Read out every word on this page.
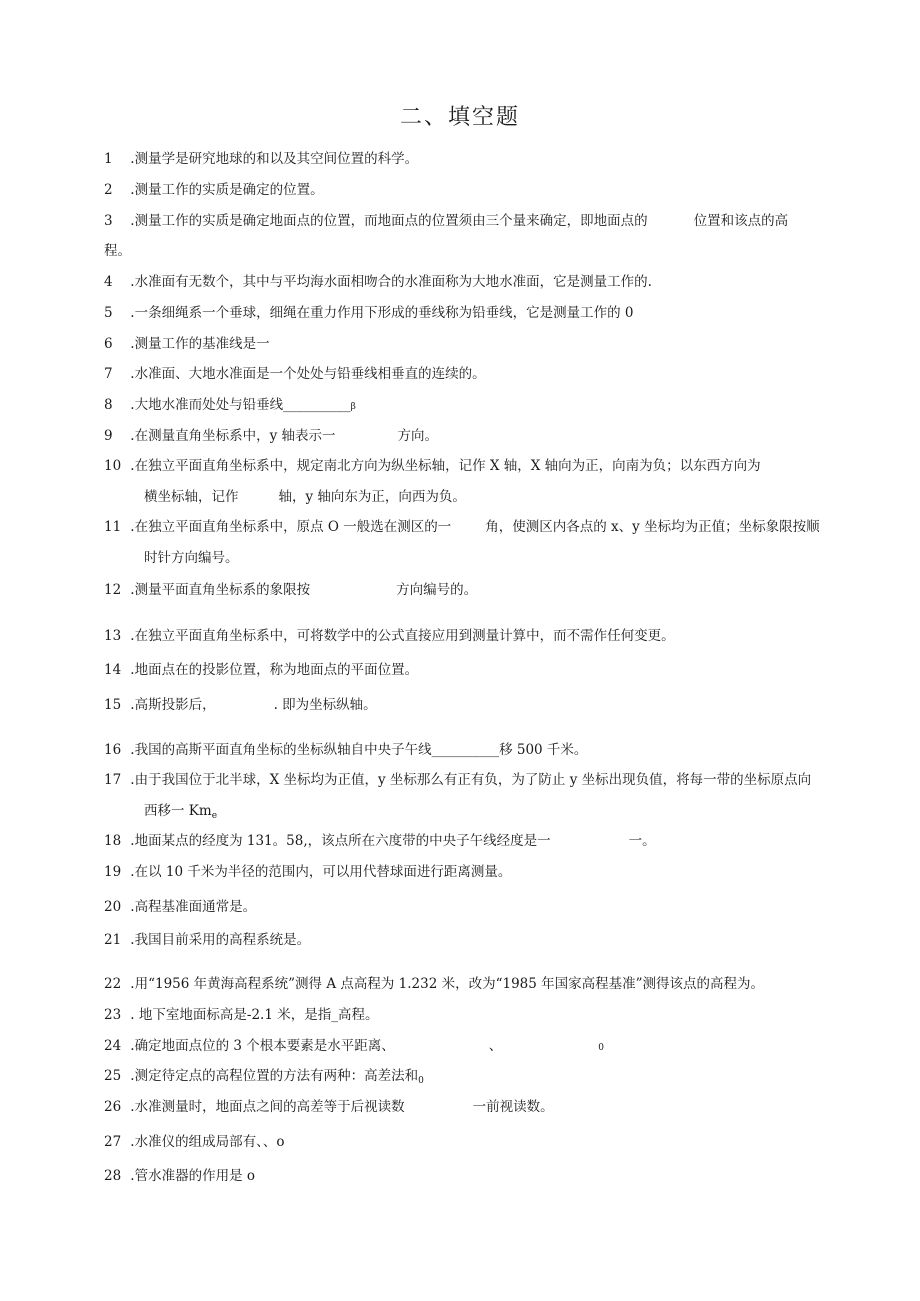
二、填空题
1 .测量学是研究地球的和以及其空间位置的科学。
2 .测量工作的实质是确定的位置。
3 .测量工作的实质是确定地面点的位置，而地面点的位置须由三个量来确定，即地面点的	位置和该点的高
程。
4 .水准面有无数个，其中与平均海水面相吻合的水准面称为大地水准面，它是测量工作的.
5 .一条细绳系一个垂球，细绳在重力作用下形成的垂线称为铅垂线，它是测量工作的 0
6 .测量工作的基准线是一
7 .水准面、大地水准面是一个处处与铅垂线相垂直的连续的。
8 .大地水准而处处与铅垂线__________β
9 .在测量直角坐标系中，y 轴表示一	方向。
10 .在独立平面直角坐标系中，规定南北方向为纵坐标轴，记作 X 轴，X 轴向为正，向南为负；以东西方向为
横坐标轴，记作	轴，y 轴向东为正，向西为负。
11 .在独立平面直角坐标系中，原点 O 一般选在测区的一	角，使测区内各点的 x、y 坐标均为正值；坐标象限按顺
时针方向编号。
12 .测量平面直角坐标系的象限按	方向编号的。
13 .在独立平面直角坐标系中，可将数学中的公式直接应用到测量计算中，而不需作任何变更。
14 .地面点在的投影位置，称为地面点的平面位置。
15 .高斯投影后，	. 即为坐标纵轴。
16 .我国的高斯平面直角坐标的坐标纵轴自中央子午线__________移 500 千米。
17 .由于我国位于北半球，X 坐标均为正值，y 坐标那么有正有负，为了防止 y 坐标出现负值，将每一带的坐标原点向
西移一 $Km_e$
18 .地面某点的经度为 131。58,，该点所在六度带的中央子午线经度是一	一。
19 .在以 10 千米为半径的范围内，可以用代替球面进行距离测量。
20 .高程基准面通常是。
21 .我国目前采用的高程系统是。
22 .用“1956 年黄海高程系统”测得 A 点高程为 1.232 米，改为“1985 年国家高程基准”测得该点的高程为。
23 . 地下室地面标高是-2.1 米，是指_高程。
24 .确定地面点位的 3 个根本要素是水平距离、	、	0
25 .测定待定点的高程位置的方法有两种：高差法和$_0$
26 .水准测量时，地面点之间的高差等于后视读数	一前视读数。
27 .水准仪的组成局部有、、o
28 .管水准器的作用是 o
